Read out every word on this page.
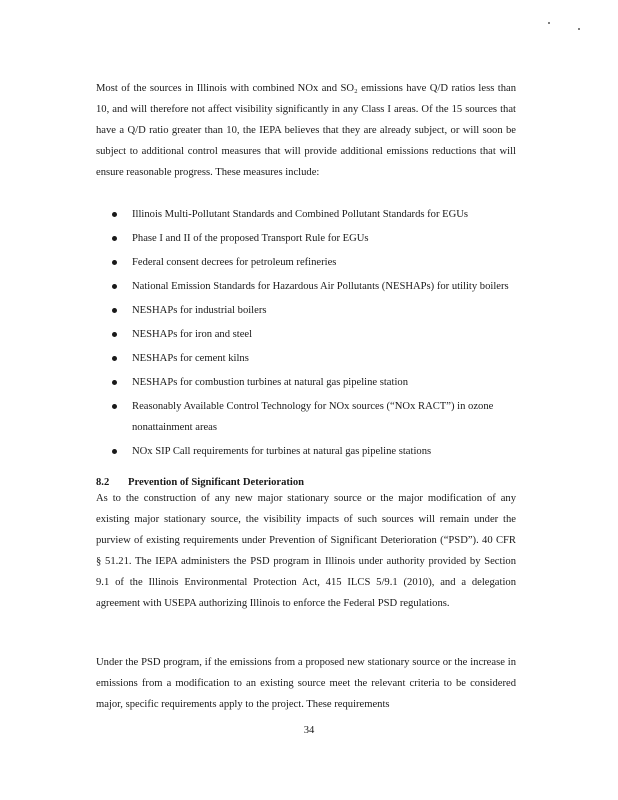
Most of the sources in Illinois with combined NOx and SO₂ emissions have Q/D ratios less than 10, and will therefore not affect visibility significantly in any Class I areas. Of the 15 sources that have a Q/D ratio greater than 10, the IEPA believes that they are already subject, or will soon be subject to additional control measures that will provide additional emissions reductions that will ensure reasonable progress. These measures include:

Illinois Multi-Pollutant Standards and Combined Pollutant Standards for EGUs
Phase I and II of the proposed Transport Rule for EGUs
Federal consent decrees for petroleum refineries
National Emission Standards for Hazardous Air Pollutants (NESHAPs) for utility boilers
NESHAPs for industrial boilers
NESHAPs for iron and steel
NESHAPs for cement kilns
NESHAPs for combustion turbines at natural gas pipeline station
Reasonably Available Control Technology for NOx sources (“NOx RACT”) in ozone nonattainment areas
NOx SIP Call requirements for turbines at natural gas pipeline stations
8.2 Prevention of Significant Deterioration

As to the construction of any new major stationary source or the major modification of any existing major stationary source, the visibility impacts of such sources will remain under the purview of existing requirements under Prevention of Significant Deterioration (“PSD”). 40 CFR § 51.21. The IEPA administers the PSD program in Illinois under authority provided by Section 9.1 of the Illinois Environmental Protection Act, 415 ILCS 5/9.1 (2010), and a delegation agreement with USEPA authorizing Illinois to enforce the Federal PSD regulations.

Under the PSD program, if the emissions from a proposed new stationary source or the increase in emissions from a modification to an existing source meet the relevant criteria to be considered major, specific requirements apply to the project. These requirements

34
